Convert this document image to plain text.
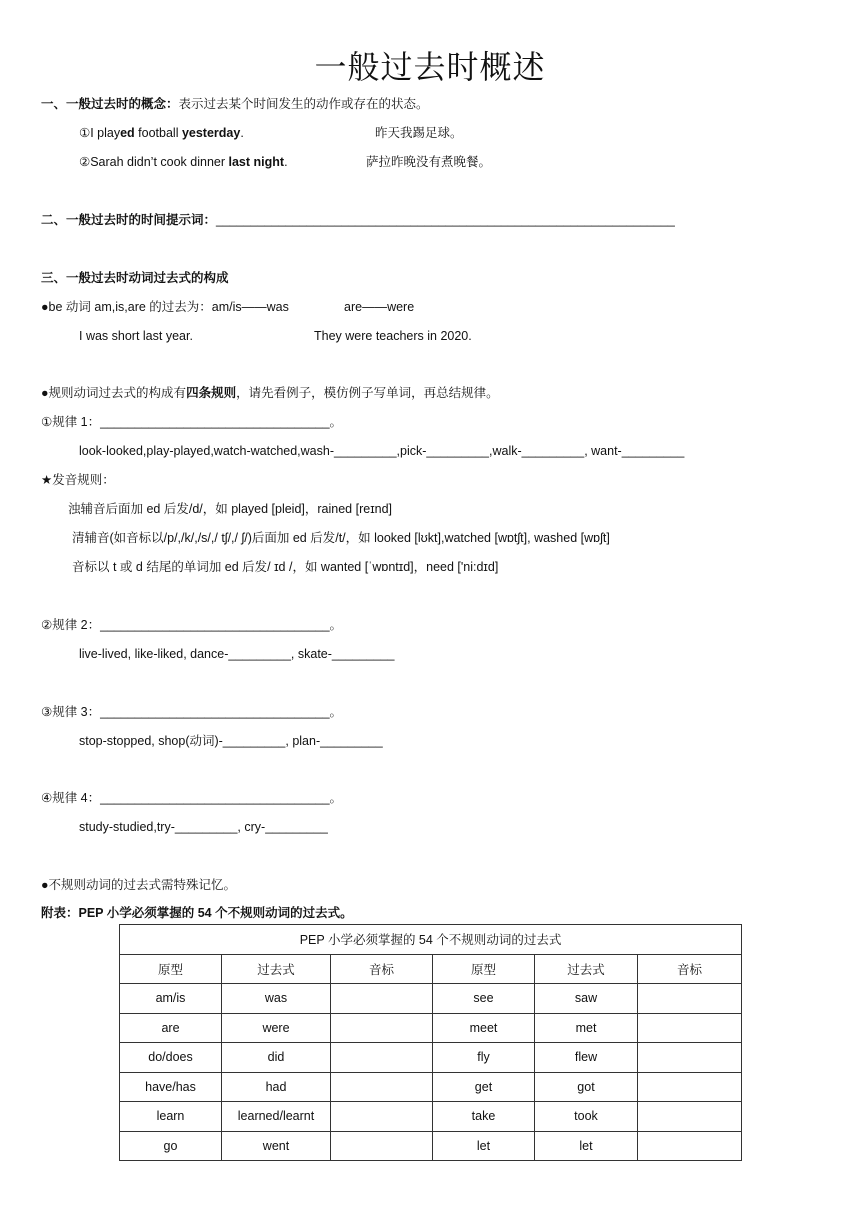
一般过去时概述
一、一般过去时的概念：表示过去某个时间发生的动作或存在的状态。
①I played football yesterday.	昨天我踢足球。
②Sarah didn’t cook dinner last night.	萨拉昨晚没有煮晚餐。
二、一般过去时的时间提示词：__________________________________________________________________
三、一般过去时动词过去式的构成
●be 动词 am,is,are 的过去为：am/is——was	are——were
I was short last year.	They were teachers in 2020.
●规则动词过去式的构成有四条规则，请先看例子，模仿例子写单词，再总结规律。
①规律 1：_________________________________。
look-looked,play-played,watch-watched,wash-_________,pick-_________,walk-_________, want-_________
★发音规则：
浊辅音后面加 ed 后发/d/，如 played [pleid]，rained [reɪnd]
清辅音(如音标以/p/,/k/,/s/,/ tʃ/,/ ʃ/)后面加 ed 后发/t/，如 looked [lʊkt],watched [wɒtʃt], washed [wɒʃt]
音标以 t 或 d 结尾的单词加 ed 后发/ ɪd /，如 wanted [ˈwɒntɪd]，need ['ni:dɪd]
②规律 2：_________________________________。
live-lived, like-liked, dance-_________, skate-_________
③规律 3：_________________________________。
stop-stopped, shop(动词)-_________, plan-_________
④规律 4：_________________________________。
study-studied,try-_________, cry-_________
●不规则动词的过去式需特殊记忆。
附表：PEP 小学必须掌握的 54 个不规则动词的过去式。
PEP 小学必须掌握的 54 个不规则动词的过去式					
原型	过去式	音标	原型	过去式	音标
am/is	was		see	saw	
are	were		meet	met	
do/does	did		fly	flew	
have/has	had		get	got	
learn	learned/learnt		take	took	
go	went		let	let	
